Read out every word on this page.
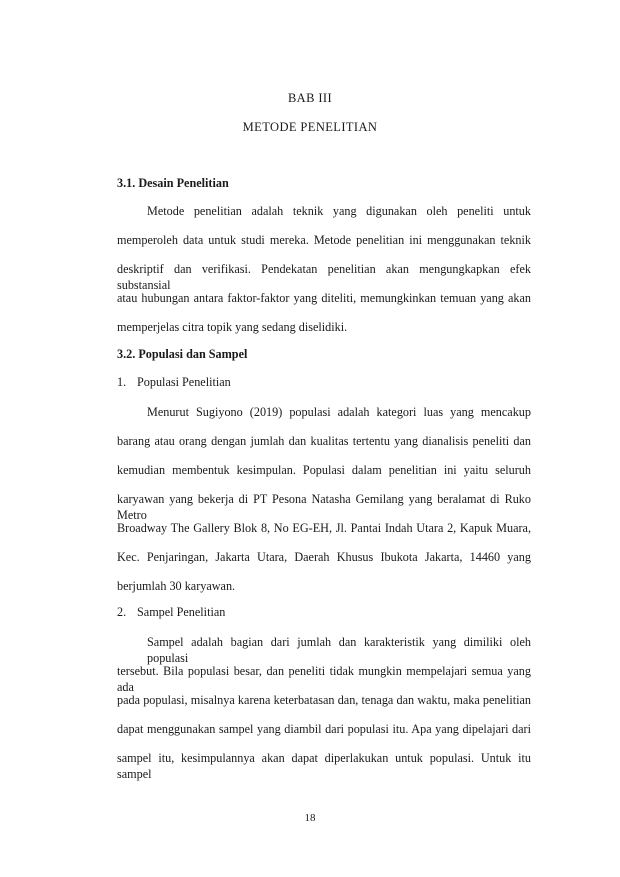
BAB III
METODE PENELITIAN
3.1. Desain Penelitian
Metode penelitian adalah teknik yang digunakan oleh peneliti untuk
memperoleh data untuk studi mereka. Metode penelitian ini menggunakan teknik
deskriptif dan verifikasi. Pendekatan penelitian akan mengungkapkan efek substansial
atau hubungan antara faktor-faktor yang diteliti, memungkinkan temuan yang akan
memperjelas citra topik yang sedang diselidiki.
3.2. Populasi dan Sampel
1. Populasi Penelitian
Menurut Sugiyono (2019) populasi adalah kategori luas yang mencakup
barang atau orang dengan jumlah dan kualitas tertentu yang dianalisis peneliti dan
kemudian membentuk kesimpulan. Populasi dalam penelitian ini yaitu seluruh
karyawan yang bekerja di PT Pesona Natasha Gemilang yang beralamat di Ruko Metro
Broadway The Gallery Blok 8, No EG-EH, Jl. Pantai Indah Utara 2, Kapuk Muara,
Kec. Penjaringan, Jakarta Utara, Daerah Khusus Ibukota Jakarta, 14460 yang
berjumlah 30 karyawan.
2. Sampel Penelitian
Sampel adalah bagian dari jumlah dan karakteristik yang dimiliki oleh populasi
tersebut. Bila populasi besar, dan peneliti tidak mungkin mempelajari semua yang ada
pada populasi, misalnya karena keterbatasan dan, tenaga dan waktu, maka penelitian
dapat menggunakan sampel yang diambil dari populasi itu. Apa yang dipelajari dari
sampel itu, kesimpulannya akan dapat diperlakukan untuk populasi. Untuk itu sampel
18
